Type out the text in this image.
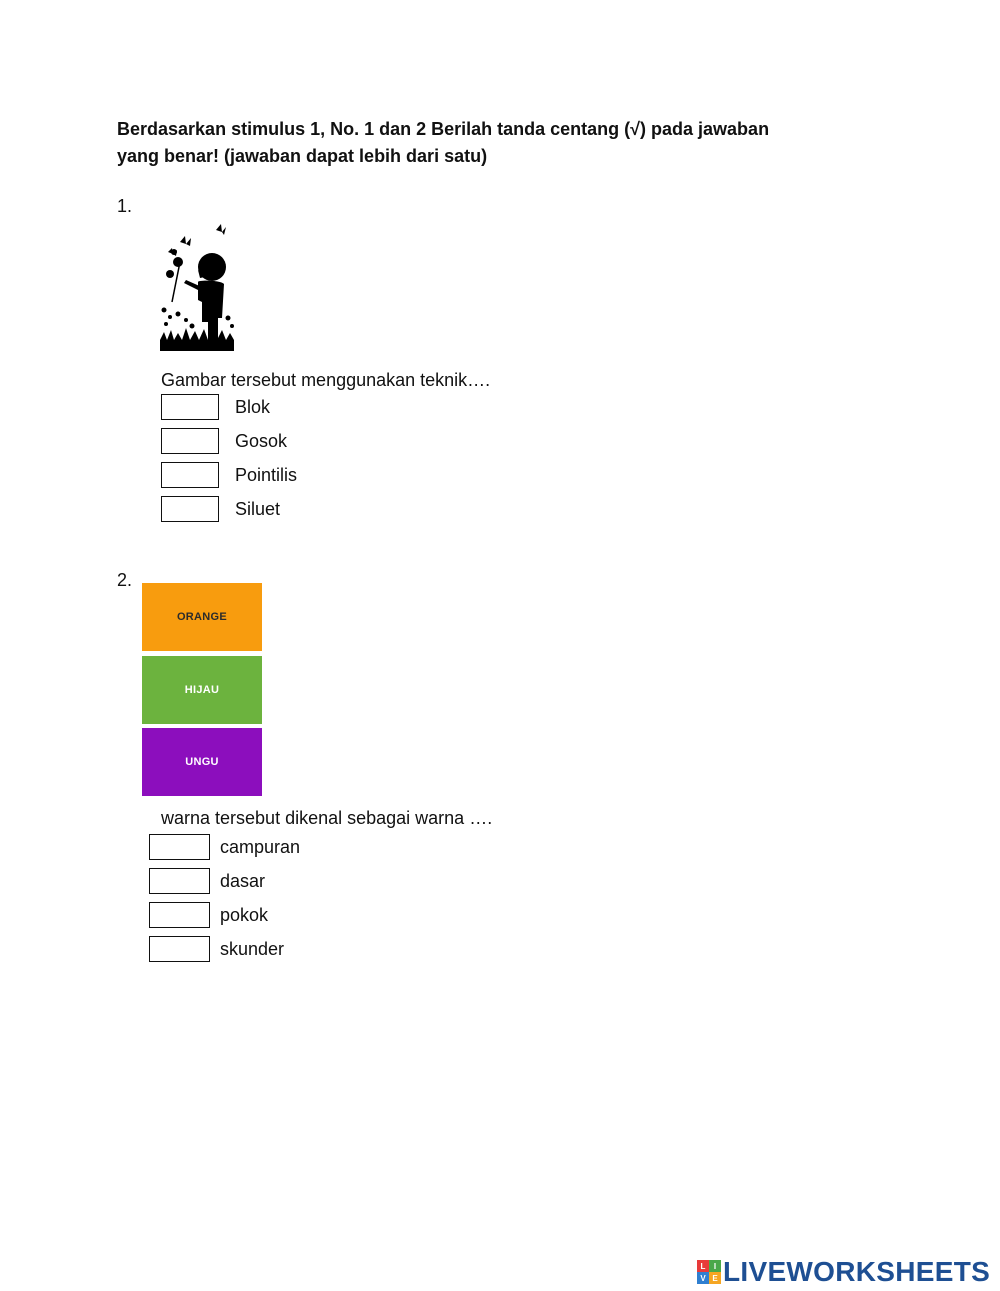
Berdasarkan stimulus 1, No. 1 dan 2 Berilah tanda centang (√) pada jawaban yang benar! (jawaban dapat lebih dari satu)
1.
Gambar tersebut menggunakan teknik….
Blok
Gosok
Pointilis
Siluet
2.
ORANGE
HIJAU
UNGU
warna tersebut dikenal sebagai warna ….
campuran
dasar
pokok
skunder
L	I
V E LIVEWORKSHEETS
